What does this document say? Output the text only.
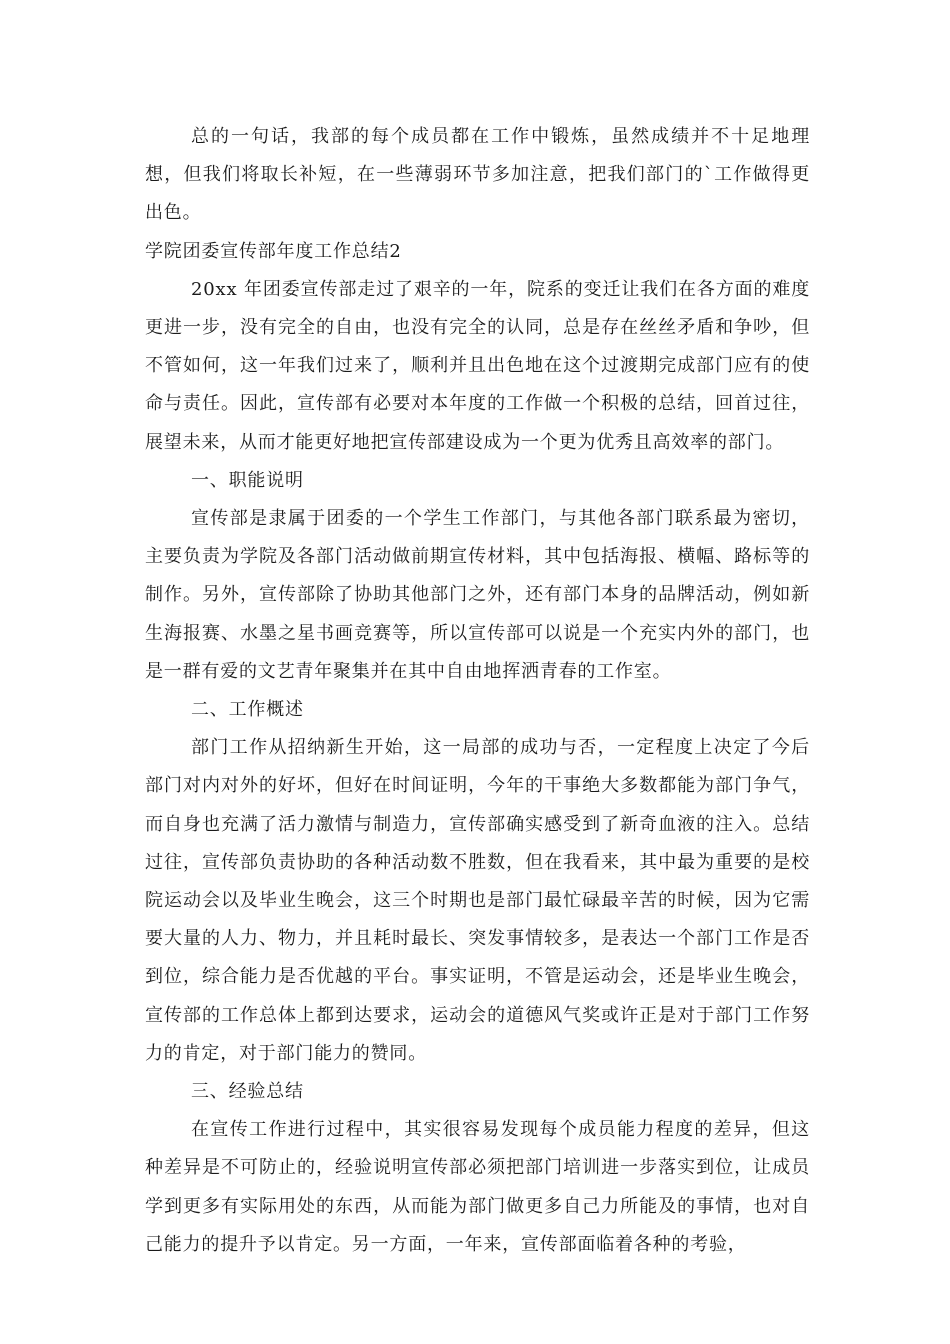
总的一句话，我部的每个成员都在工作中锻炼，虽然成绩并不十足地理想，但我们将取长补短，在一些薄弱环节多加注意，把我们部门的`工作做得更出色。

学院团委宣传部年度工作总结2

20xx 年团委宣传部走过了艰辛的一年，院系的变迁让我们在各方面的难度更进一步，没有完全的自由，也没有完全的认同，总是存在丝丝矛盾和争吵，但不管如何，这一年我们过来了，顺利并且出色地在这个过渡期完成部门应有的使命与责任。因此，宣传部有必要对本年度的工作做一个积极的总结，回首过往，展望未来，从而才能更好地把宣传部建设成为一个更为优秀且高效率的部门。

一、职能说明

宣传部是隶属于团委的一个学生工作部门，与其他各部门联系最为密切，主要负责为学院及各部门活动做前期宣传材料，其中包括海报、横幅、路标等的制作。另外，宣传部除了协助其他部门之外，还有部门本身的品牌活动，例如新生海报赛、水墨之星书画竞赛等，所以宣传部可以说是一个充实内外的部门，也是一群有爱的文艺青年聚集并在其中自由地挥洒青春的工作室。

二、工作概述

部门工作从招纳新生开始，这一局部的成功与否，一定程度上决定了今后部门对内对外的好坏，但好在时间证明，今年的干事绝大多数都能为部门争气，而自身也充满了活力激情与制造力，宣传部确实感受到了新奇血液的注入。总结过往，宣传部负责协助的各种活动数不胜数，但在我看来，其中最为重要的是校院运动会以及毕业生晚会，这三个时期也是部门最忙碌最辛苦的时候，因为它需要大量的人力、物力，并且耗时最长、突发事情较多，是表达一个部门工作是否到位，综合能力是否优越的平台。事实证明，不管是运动会，还是毕业生晚会，宣传部的工作总体上都到达要求，运动会的道德风气奖或许正是对于部门工作努力的肯定，对于部门能力的赞同。

三、经验总结

在宣传工作进行过程中，其实很容易发现每个成员能力程度的差异，但这种差异是不可防止的，经验说明宣传部必须把部门培训进一步落实到位，让成员学到更多有实际用处的东西，从而能为部门做更多自己力所能及的事情，也对自己能力的提升予以肯定。另一方面，一年来，宣传部面临着各种的考验，
